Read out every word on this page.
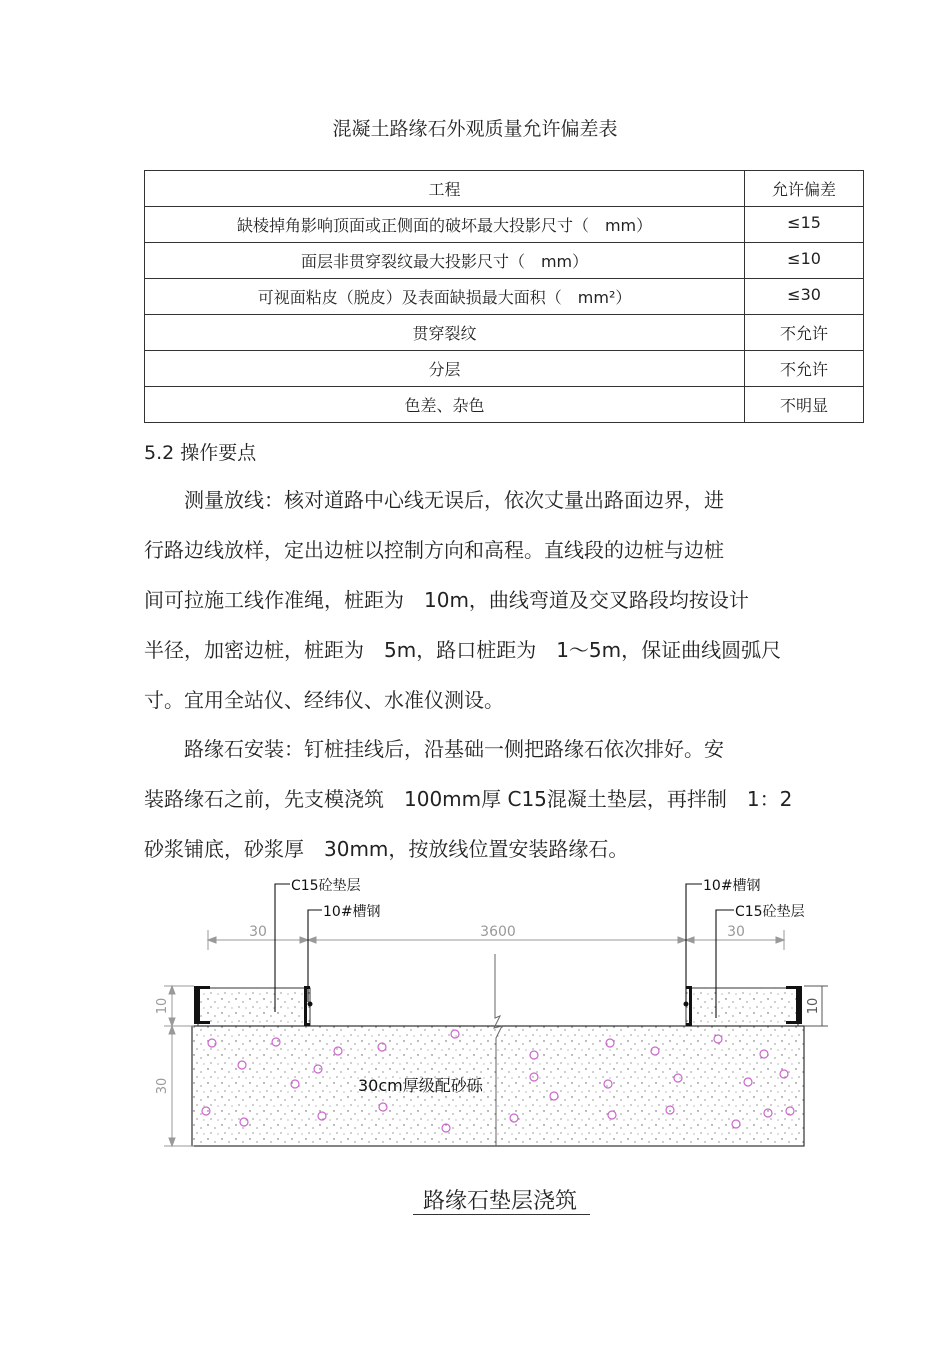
混凝土路缘石外观质量允许偏差表
工程	允许偏差
缺棱掉角影响顶面或正侧面的破坏最大投影尺寸（　mm）	≤15
面层非贯穿裂纹最大投影尺寸（　mm）	≤10
可视面粘皮（脱皮）及表面缺损最大面积（　mm²）	≤30
贯穿裂纹	不允许
分层	不允许
色差、杂色	不明显
5.2 操作要点
　　测量放线：核对道路中心线无误后，依次丈量出路面边界，进
行路边线放样，定出边桩以控制方向和高程。直线段的边桩与边桩
间可拉施工线作准绳，桩距为　10m，曲线弯道及交叉路段均按设计
半径，加密边桩，桩距为　5m，路口桩距为　1～5m，保证曲线圆弧尺
寸。宜用全站仪、经纬仪、水准仪测设。
　　路缘石安装：钉桩挂线后，沿基础一侧把路缘石依次排好。安
装路缘石之前，先支模浇筑　100mm厚 C15混凝土垫层，再拌制　1：2
砂浆铺底，砂浆厚　30mm，按放线位置安装路缘石。
30	3600	30
10
30
10
C15砼垫层
10#槽钢
10#槽钢
C15砼垫层
30cm厚级配砂砾
路缘石垫层浇筑
